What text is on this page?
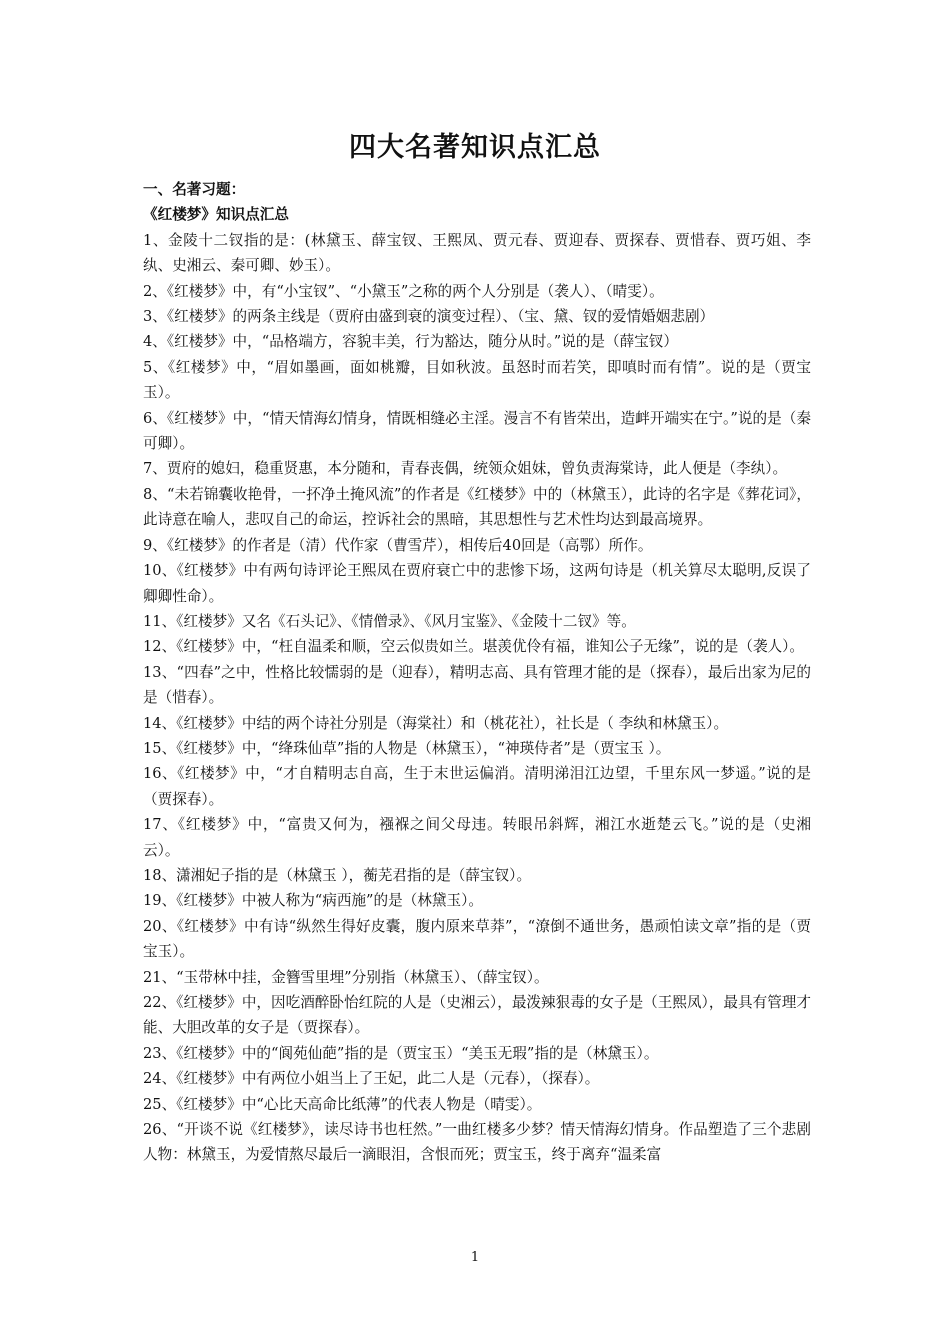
四大名著知识点汇总

一、名著习题：

《红楼梦》知识点汇总

1、金陵十二钗指的是：(林黛玉、薛宝钗、王熙凤、贾元春、贾迎春、贾探春、贾惜春、贾巧姐、李纨、史湘云、秦可卿、妙玉）。

2、《红楼梦》中，有“小宝钗”、“小黛玉”之称的两个人分别是（袭人）、（晴雯）。

3、《红楼梦》的两条主线是（贾府由盛到衰的演变过程）、（宝、黛、钗的爱情婚姻悲剧）

4、《红楼梦》中，“品格端方，容貌丰美，行为豁达，随分从时。”说的是（薛宝钗）

5、《红楼梦》中，“眉如墨画，面如桃瓣，目如秋波。虽怒时而若笑，即嗔时而有情”。说的是（贾宝玉）。

6、《红楼梦》中，“情天情海幻情身，情既相缝必主淫。漫言不有皆荣出，造衅开端实在宁。”说的是（秦可卿）。

7、贾府的媳妇，稳重贤惠，本分随和，青春丧偶，统领众姐妹，曾负责海棠诗，此人便是（李纨）。

8、“未若锦囊收艳骨，一抔净土掩风流”的作者是《红楼梦》中的（林黛玉），此诗的名字是《葬花词》，此诗意在喻人，悲叹自己的命运，控诉社会的黑暗，其思想性与艺术性均达到最高境界。

9、《红楼梦》的作者是（清）代作家（曹雪芹），相传后40回是（高鄂）所作。

10、《红楼梦》中有两句诗评论王熙凤在贾府衰亡中的悲惨下场，这两句诗是（机关算尽太聪明,反误了卿卿性命）。

11、《红楼梦》又名《石头记》、《情僧录》、《风月宝鉴》、《金陵十二钗》等。

12、《红楼梦》中，“枉自温柔和顺，空云似贵如兰。堪羡优伶有福，谁知公子无缘”，说的是（袭人）。

13、“四春”之中，性格比较懦弱的是（迎春），精明志高、具有管理才能的是（探春），最后出家为尼的是（惜春）。

14、《红楼梦》中结的两个诗社分别是（海棠社）和（桃花社），社长是（ 李纨和林黛玉）。

15、《红楼梦》中，“绛珠仙草”指的人物是（林黛玉），“神瑛侍者”是（贾宝玉 ）。

16、《红楼梦》中，“才自精明志自高，生于末世运偏消。清明涕泪江边望，千里东风一梦遥。”说的是（贾探春）。

17、《红楼梦》中，“富贵又何为，襁褓之间父母违。转眼吊斜辉，湘江水逝楚云飞。”说的是（史湘云）。

18、潇湘妃子指的是（林黛玉 ），蘅芜君指的是（薛宝钗）。

19、《红楼梦》中被人称为“病西施”的是（林黛玉）。

20、《红楼梦》中有诗“纵然生得好皮囊，腹内原来草莽”，“潦倒不通世务，愚顽怕读文章”指的是（贾宝玉）。

21、“玉带林中挂，金簪雪里埋”分别指（林黛玉）、（薛宝钗）。

22、《红楼梦》中，因吃酒醉卧怡红院的人是（史湘云），最泼辣狠毒的女子是（王熙凤），最具有管理才能、大胆改革的女子是（贾探春）。

23、《红楼梦》中的“阆苑仙葩”指的是（贾宝玉）“美玉无瑕”指的是（林黛玉）。

24、《红楼梦》中有两位小姐当上了王妃，此二人是（元春），（探春）。

25、《红楼梦》中“心比天高命比纸薄”的代表人物是（晴雯）。

26、“开谈不说《红楼梦》，读尽诗书也枉然。”一曲红楼多少梦？情天情海幻情身。作品塑造了三个悲剧人物：林黛玉，为爱情熬尽最后一滴眼泪，含恨而死；贾宝玉，终于离弃“温柔富

1
